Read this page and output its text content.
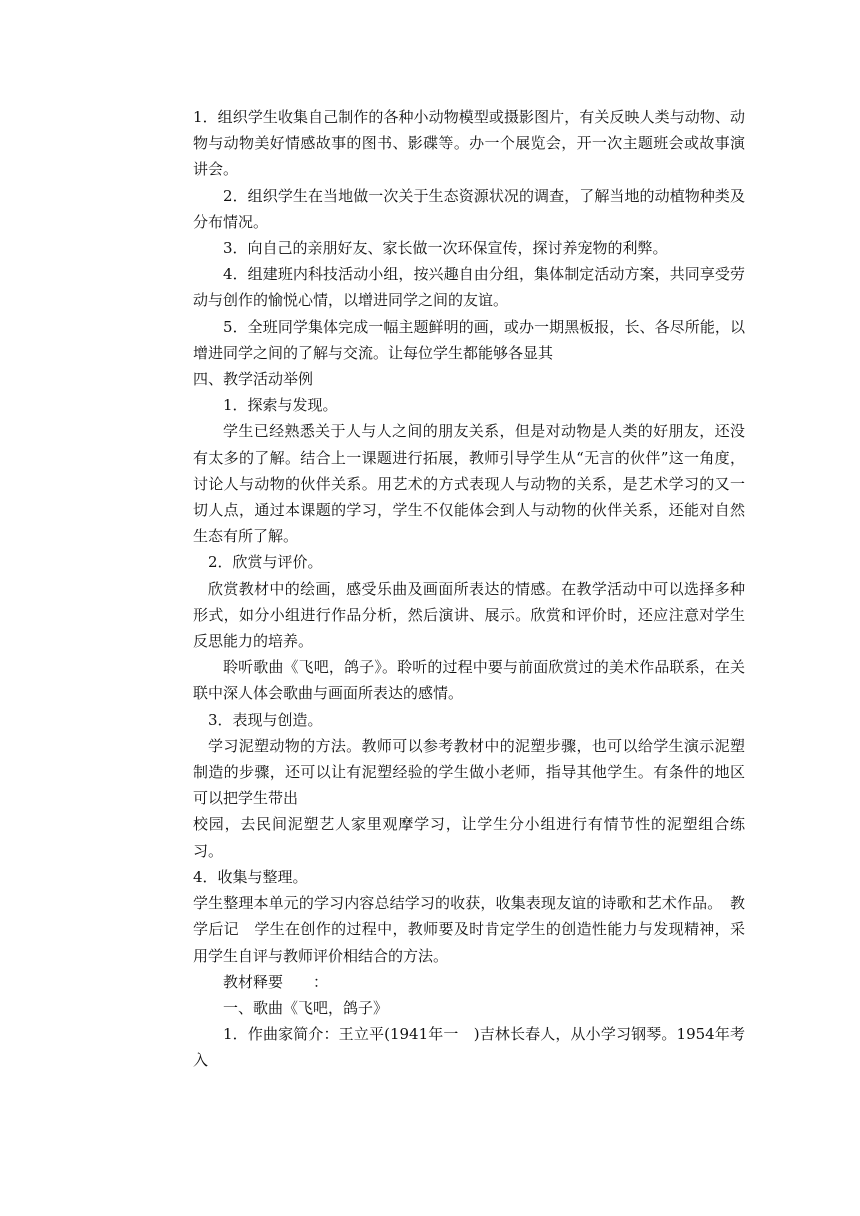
1．组织学生收集自己制作的各种小动物模型或摄影图片，有关反映人类与动物、动物与动物美好情感故事的图书、影碟等。办一个展览会，开一次主题班会或故事演讲会。

2．组织学生在当地做一次关于生态资源状况的调查，了解当地的动植物种类及分布情况。

3．向自己的亲朋好友、家长做一次环保宣传，探讨养宠物的利弊。

4．组建班内科技活动小组，按兴趣自由分组，集体制定活动方案，共同享受劳动与创作的愉悦心情，以增进同学之间的友谊。

5．全班同学集体完成一幅主题鲜明的画，或办一期黑板报，长、各尽所能，以增进同学之间的了解与交流。让每位学生都能够各显其

四、教学活动举例

1．探索与发现。

学生已经熟悉关于人与人之间的朋友关系，但是对动物是人类的好朋友，还没有太多的了解。结合上一课题进行拓展，教师引导学生从“无言的伙伴”这一角度，讨论人与动物的伙伴关系。用艺术的方式表现人与动物的关系，是艺术学习的又一切人点，通过本课题的学习，学生不仅能体会到人与动物的伙伴关系，还能对自然生态有所了解。

2．欣赏与评价。

欣赏教材中的绘画，感受乐曲及画面所表达的情感。在教学活动中可以选择多种形式，如分小组进行作品分析，然后演讲、展示。欣赏和评价时，还应注意对学生反思能力的培养。

聆听歌曲《飞吧，鸽子》。聆听的过程中要与前面欣赏过的美术作品联系，在关联中深人体会歌曲与画面所表达的感情。

3．表现与创造。

学习泥塑动物的方法。教师可以参考教材中的泥塑步骤，也可以给学生演示泥塑制造的步骤，还可以让有泥塑经验的学生做小老师，指导其他学生。有条件的地区可以把学生带出

校园，去民间泥塑艺人家里观摩学习，让学生分小组进行有情节性的泥塑组合练习。

4．收集与整理。

学生整理本单元的学习内容总结学习的收获，收集表现友谊的诗歌和艺术作品。　教学后记　学生在创作的过程中，教师要及时肯定学生的创造性能力与发现精神，采用学生自评与教师评价相结合的方法。

教材释要　　：

一、歌曲《飞吧，鸽子》

1．作曲家简介：王立平(1941年一　)吉林长春人，从小学习钢琴。1954年考入
